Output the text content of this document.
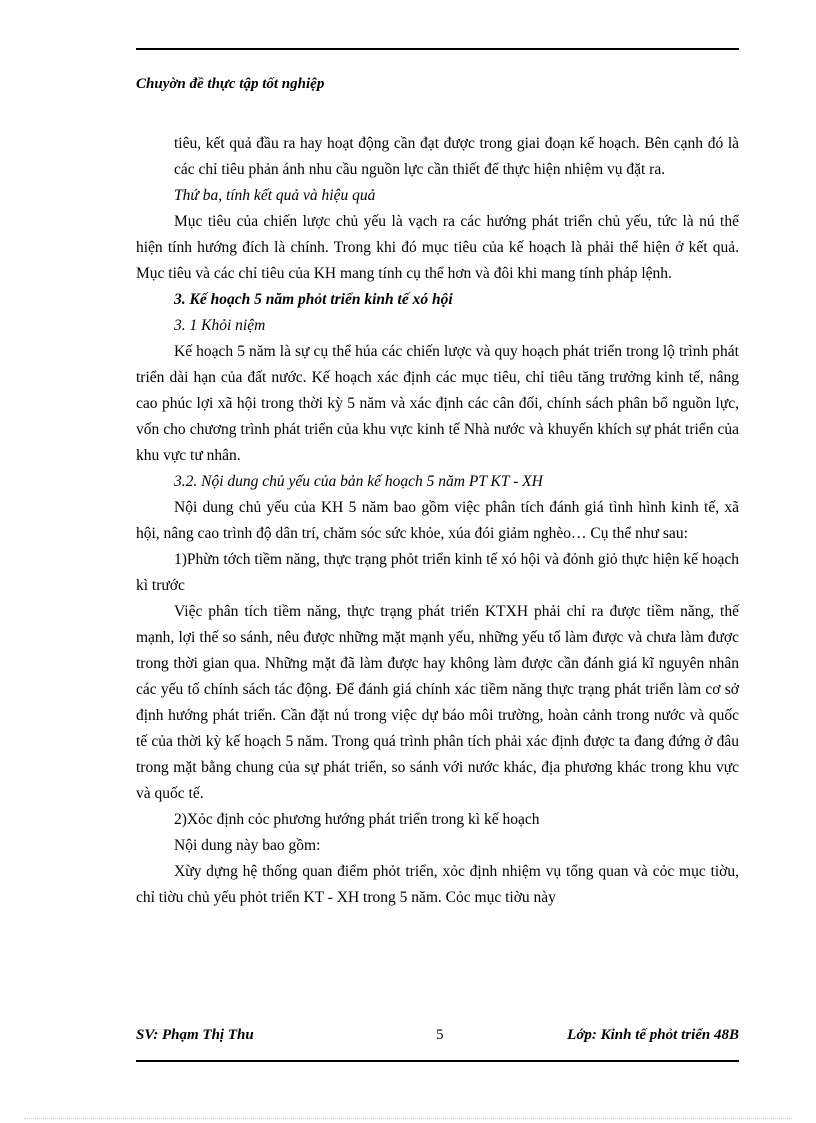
Chuyờn đề thực tập tốt nghiệp

tiêu, kết quả đầu ra hay hoạt động cần đạt được trong giai đoạn kế hoạch. Bên cạnh đó là các chỉ tiêu phản ánh nhu cầu nguồn lực cần thiết để thực hiện nhiệm vụ đặt ra.

Thứ ba, tính kết quả và hiệu quả

Mục tiêu của chiến lược chủ yếu là vạch ra các hướng phát triển chủ yếu, tức là nú thể hiện tính hướng đích là chính. Trong khi đó mục tiêu của kế hoạch là phải thể hiện ở kết quả. Mục tiêu và các chỉ tiêu của KH mang tính cụ thể hơn và đôi khi mang tính pháp lệnh.

3. Kế hoạch 5 năm phỏt triển kinh tế xó hội

3. 1 Khỏi niệm

Kế hoạch 5 năm là sự cụ thể húa các chiến lược và quy hoạch phát triển trong lộ trình phát triển dài hạn của đất nước. Kế hoạch xác định các mục tiêu, chỉ tiêu tăng trưởng kinh tế, nâng cao phúc lợi xã hội trong thời kỳ 5 năm và xác định các cân đối, chính sách phân bổ nguồn lực, vốn cho chương trình phát triển của khu vực kinh tế Nhà nước và khuyến khích sự phát triển của khu vực tư nhân.

3.2. Nội dung chủ yếu của bản kế hoạch 5 năm PT KT - XH

Nội dung chủ yếu của KH 5 năm bao gồm việc phân tích đánh giá tình hình kinh tế, xã hội, nâng cao trình độ dân trí, chăm sóc sức khỏe, xúa đói giảm nghèo… Cụ thể như sau:

1)Phừn tớch tiềm năng, thực trạng phỏt triển kinh tế xó hội và đỏnh giỏ thực hiện kế hoạch kì trước

Việc phân tích tiềm năng, thực trạng phát triển KTXH phải chỉ ra được tiềm năng, thế mạnh, lợi thế so sánh, nêu được những mặt mạnh yếu, những yếu tố làm được và chưa làm được trong thời gian qua. Những mặt đã làm được hay không làm được cần đánh giá kĩ nguyên nhân các yếu tố chính sách tác động. Để đánh giá chính xác tiềm năng thực trạng phát triển làm cơ sở định hướng phát triển. Cần đặt nú trong việc dự báo môi trường, hoàn cảnh trong nước và quốc tế của thời kỳ kế hoạch 5 năm. Trong quá trình phân tích phải xác định được ta đang đứng ở đâu trong mặt bằng chung của sự phát triển, so sánh với nước khác, địa phương khác trong khu vực và quốc tế.

2)Xỏc định cỏc phương hướng phát triển trong kì kế hoạch

Nội dung này bao gồm:

Xừy dựng hệ thống quan điểm phỏt triển, xỏc định nhiệm vụ tổng quan và cỏc mục tiờu, chỉ tiờu chủ yếu phỏt triển KT - XH trong 5 năm. Cỏc mục tiờu này

SV: Phạm Thị Thu	5	Lớp: Kinh tế phỏt triển 48B
